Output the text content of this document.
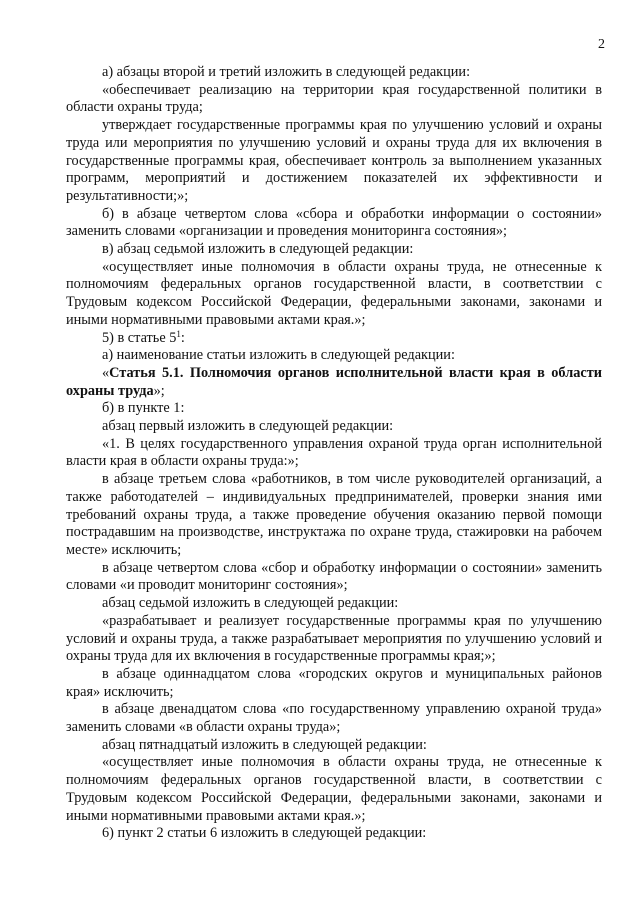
2

а) абзацы второй и третий изложить в следующей редакции:

«обеспечивает реализацию на территории края государственной политики в области охраны труда;

утверждает государственные программы края по улучшению условий и охраны труда или мероприятия по улучшению условий и охраны труда для их включения в государственные программы края, обеспечивает контроль за выполнением указанных программ, мероприятий и достижением показателей их эффективности и результативности;»;

б) в абзаце четвертом слова «сбора и обработки информации о состоянии» заменить словами «организации и проведения мониторинга состояния»;

в) абзац седьмой изложить в следующей редакции:

«осуществляет иные полномочия в области охраны труда, не отнесенные к полномочиям федеральных органов государственной власти, в соответствии с Трудовым кодексом Российской Федерации, федеральными законами, законами и иными нормативными правовыми актами края.»;

5) в статье $5^1$:

а) наименование статьи изложить в следующей редакции:

«Статья 5.1. Полномочия органов исполнительной власти края в области охраны труда»;

б) в пункте 1:

абзац первый изложить в следующей редакции:

«1. В целях государственного управления охраной труда орган исполнительной власти края в области охраны труда:»;

в абзаце третьем слова «работников, в том числе руководителей организаций, а также работодателей – индивидуальных предпринимателей, проверки знания ими требований охраны труда, а также проведение обучения оказанию первой помощи пострадавшим на производстве, инструктажа по охране труда, стажировки на рабочем месте» исключить;

в абзаце четвертом слова «сбор и обработку информации о состоянии» заменить словами «и проводит мониторинг состояния»;

абзац седьмой изложить в следующей редакции:

«разрабатывает и реализует государственные программы края по улучшению условий и охраны труда, а также разрабатывает мероприятия по улучшению условий и охраны труда для их включения в государственные программы края;»;

в абзаце одиннадцатом слова «городских округов и муниципальных районов края» исключить;

в абзаце двенадцатом слова «по государственному управлению охраной труда» заменить словами «в области охраны труда»;

абзац пятнадцатый изложить в следующей редакции:

«осуществляет иные полномочия в области охраны труда, не отнесенные к полномочиям федеральных органов государственной власти, в соответствии с Трудовым кодексом Российской Федерации, федеральными законами, законами и иными нормативными правовыми актами края.»;

6) пункт 2 статьи 6 изложить в следующей редакции:
